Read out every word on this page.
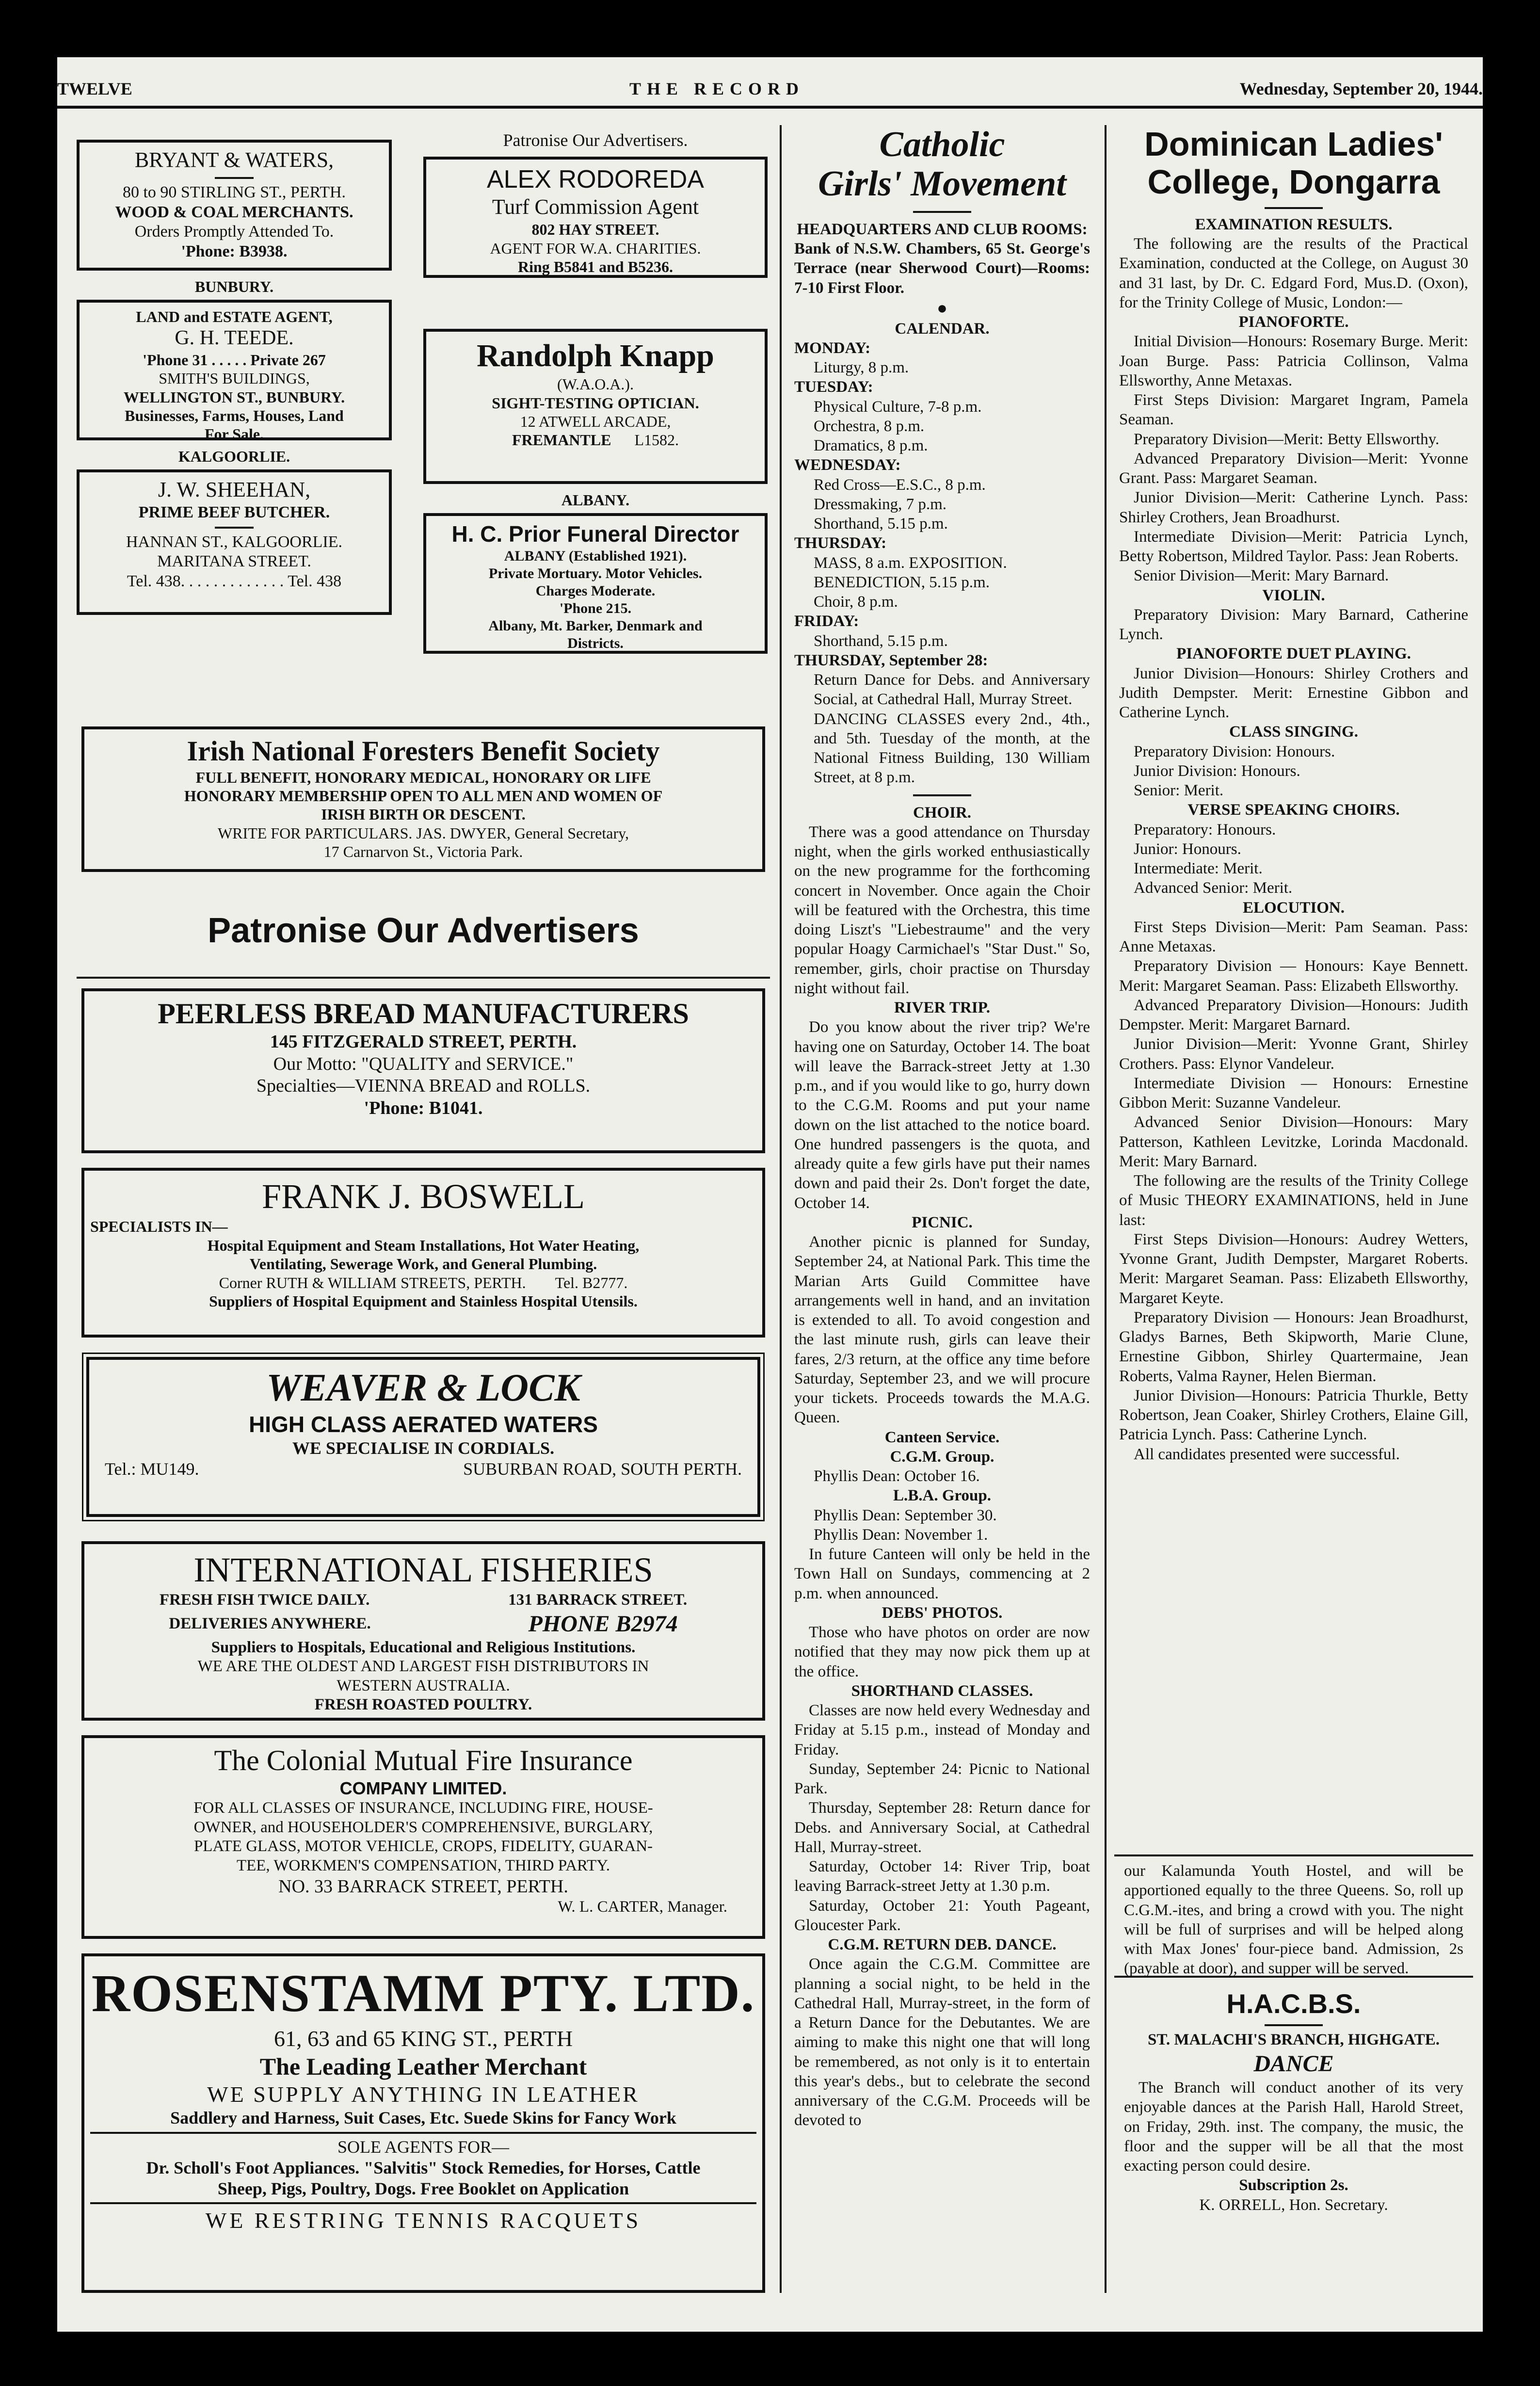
TWELVE	THE RECORD	Wednesday, September 20, 1944.
BRYANT & WATERS,
80 to 90 STIRLING ST., PERTH.
WOOD & COAL MERCHANTS.
Orders Promptly Attended To.
'Phone: B3938.
BUNBURY.
LAND and ESTATE AGENT,
G. H. TEEDE.
'Phone 31 . . . . . Private 267
SMITH'S BUILDINGS,
WELLINGTON ST., BUNBURY.
Businesses, Farms, Houses, Land
For Sale.
KALGOORLIE.
J. W. SHEEHAN,
PRIME BEEF BUTCHER.
HANNAN ST., KALGOORLIE.
MARITANA STREET.
Tel. 438. . . . . . . . . . . . . Tel. 438
Patronise Our Advertisers.
ALEX RODOREDA
Turf Commission Agent
802 HAY STREET.
AGENT FOR W.A. CHARITIES.
Ring B5841 and B5236.
Randolph Knapp
(W.A.O.A.).
SIGHT-TESTING OPTICIAN.
12 ATWELL ARCADE,
FREMANTLE L1582.
ALBANY.
H. C. Prior Funeral Director
ALBANY (Established 1921).
Private Mortuary. Motor Vehicles.
Charges Moderate.
'Phone 215.
Albany, Mt. Barker, Denmark and
Districts.
Irish National Foresters Benefit Society
FULL BENEFIT, HONORARY MEDICAL, HONORARY OR LIFE
HONORARY MEMBERSHIP OPEN TO ALL MEN AND WOMEN OF
IRISH BIRTH OR DESCENT.
WRITE FOR PARTICULARS. JAS. DWYER, General Secretary,
17 Carnarvon St., Victoria Park.
Patronise Our Advertisers
PEERLESS BREAD MANUFACTURERS
145 FITZGERALD STREET, PERTH.
Our Motto: "QUALITY and SERVICE."
Specialties—VIENNA BREAD and ROLLS.
'Phone: B1041.
FRANK J. BOSWELL
SPECIALISTS IN—
Hospital Equipment and Steam Installations, Hot Water Heating,
Ventilating, Sewerage Work, and General Plumbing.
Corner RUTH & WILLIAM STREETS, PERTH. Tel. B2777.
Suppliers of Hospital Equipment and Stainless Hospital Utensils.
WEAVER & LOCK
HIGH CLASS AERATED WATERS
WE SPECIALISE IN CORDIALS.
Tel.: MU149.	SUBURBAN ROAD, SOUTH PERTH.
INTERNATIONAL FISHERIES
FRESH FISH TWICE DAILY.	131 BARRACK STREET.
DELIVERIES ANYWHERE.	PHONE B2974
Suppliers to Hospitals, Educational and Religious Institutions.
WE ARE THE OLDEST AND LARGEST FISH DISTRIBUTORS IN
WESTERN AUSTRALIA.
FRESH ROASTED POULTRY.
The Colonial Mutual Fire Insurance
COMPANY LIMITED.
FOR ALL CLASSES OF INSURANCE, INCLUDING FIRE, HOUSE-
OWNER, and HOUSEHOLDER'S COMPREHENSIVE, BURGLARY,
PLATE GLASS, MOTOR VEHICLE, CROPS, FIDELITY, GUARAN-
TEE, WORKMEN'S COMPENSATION, THIRD PARTY.
NO. 33 BARRACK STREET, PERTH.
W. L. CARTER, Manager.
ROSENSTAMM PTY. LTD.
61, 63 and 65 KING ST., PERTH
The Leading Leather Merchant
WE SUPPLY ANYTHING IN LEATHER
Saddlery and Harness, Suit Cases, Etc. Suede Skins for Fancy Work
SOLE AGENTS FOR—
Dr. Scholl's Foot Appliances. "Salvitis" Stock Remedies, for Horses, Cattle
Sheep, Pigs, Poultry, Dogs. Free Booklet on Application
WE RESTRING TENNIS RACQUETS
Catholic
Girls' Movement

HEADQUARTERS AND CLUB ROOMS:

Bank of N.S.W. Chambers, 65 St. George's Terrace (near Sherwood Court)—Rooms: 7-10 First Floor.

●

CALENDAR.

MONDAY:

Liturgy, 8 p.m.

TUESDAY:

Physical Culture, 7-8 p.m.

Orchestra, 8 p.m.

Dramatics, 8 p.m.

WEDNESDAY:

Red Cross—E.S.C., 8 p.m.

Dressmaking, 7 p.m.

Shorthand, 5.15 p.m.

THURSDAY:

MASS, 8 a.m. EXPOSITION.

BENEDICTION, 5.15 p.m.

Choir, 8 p.m.

FRIDAY:

Shorthand, 5.15 p.m.

THURSDAY, September 28:

Return Dance for Debs. and Anniversary Social, at Cathedral Hall, Murray Street.

DANCING CLASSES every 2nd., 4th., and 5th. Tuesday of the month, at the National Fitness Building, 130 William Street, at 8 p.m.

CHOIR.

There was a good attendance on Thursday night, when the girls worked enthusiastically on the new programme for the forthcoming concert in November. Once again the Choir will be featured with the Orchestra, this time doing Liszt's "Liebestraume" and the very popular Hoagy Carmichael's "Star Dust." So, remember, girls, choir practise on Thursday night without fail.

RIVER TRIP.

Do you know about the river trip? We're having one on Saturday, October 14. The boat will leave the Barrack-street Jetty at 1.30 p.m., and if you would like to go, hurry down to the C.G.M. Rooms and put your name down on the list attached to the notice board. One hundred passengers is the quota, and already quite a few girls have put their names down and paid their 2s. Don't forget the date, October 14.

PICNIC.

Another picnic is planned for Sunday, September 24, at National Park. This time the Marian Arts Guild Committee have arrangements well in hand, and an invitation is extended to all. To avoid congestion and the last minute rush, girls can leave their fares, 2/3 return, at the office any time before Saturday, September 23, and we will procure your tickets. Proceeds towards the M.A.G. Queen.

Canteen Service.

C.G.M. Group.

Phyllis Dean: October 16.

L.B.A. Group.

Phyllis Dean: September 30.

Phyllis Dean: November 1.

In future Canteen will only be held in the Town Hall on Sundays, commencing at 2 p.m. when announced.

DEBS' PHOTOS.

Those who have photos on order are now notified that they may now pick them up at the office.

SHORTHAND CLASSES.

Classes are now held every Wednesday and Friday at 5.15 p.m., instead of Monday and Friday.

Sunday, September 24: Picnic to National Park.

Thursday, September 28: Return dance for Debs. and Anniversary Social, at Cathedral Hall, Murray-street.

Saturday, October 14: River Trip, boat leaving Barrack-street Jetty at 1.30 p.m.

Saturday, October 21: Youth Pageant, Gloucester Park.

C.G.M. RETURN DEB. DANCE.

Once again the C.G.M. Committee are planning a social night, to be held in the Cathedral Hall, Murray-street, in the form of a Return Dance for the Debutantes. We are aiming to make this night one that will long be remembered, as not only is it to entertain this year's debs., but to celebrate the second anniversary of the C.G.M. Proceeds will be devoted to

Dominican Ladies'
College, Dongarra

EXAMINATION RESULTS.

The following are the results of the Practical Examination, conducted at the College, on August 30 and 31 last, by Dr. C. Edgard Ford, Mus.D. (Oxon), for the Trinity College of Music, London:—

PIANOFORTE.

Initial Division—Honours: Rosemary Burge. Merit: Joan Burge. Pass: Patricia Collinson, Valma Ellsworthy, Anne Metaxas.

First Steps Division: Margaret Ingram, Pamela Seaman.

Preparatory Division—Merit: Betty Ellsworthy.

Advanced Preparatory Division—Merit: Yvonne Grant. Pass: Margaret Seaman.

Junior Division—Merit: Catherine Lynch. Pass: Shirley Crothers, Jean Broadhurst.

Intermediate Division—Merit: Patricia Lynch, Betty Robertson, Mildred Taylor. Pass: Jean Roberts.

Senior Division—Merit: Mary Barnard.

VIOLIN.

Preparatory Division: Mary Barnard, Catherine Lynch.

PIANOFORTE DUET PLAYING.

Junior Division—Honours: Shirley Crothers and Judith Dempster. Merit: Ernestine Gibbon and Catherine Lynch.

CLASS SINGING.

Preparatory Division: Honours.

Junior Division: Honours.

Senior: Merit.

VERSE SPEAKING CHOIRS.

Preparatory: Honours.

Junior: Honours.

Intermediate: Merit.

Advanced Senior: Merit.

ELOCUTION.

First Steps Division—Merit: Pam Seaman. Pass: Anne Metaxas.

Preparatory Division — Honours: Kaye Bennett. Merit: Margaret Seaman. Pass: Elizabeth Ellsworthy.

Advanced Preparatory Division—Honours: Judith Dempster. Merit: Margaret Barnard.

Junior Division—Merit: Yvonne Grant, Shirley Crothers. Pass: Elynor Vandeleur.

Intermediate Division — Honours: Ernestine Gibbon Merit: Suzanne Vandeleur.

Advanced Senior Division—Honours: Mary Patterson, Kathleen Levitzke, Lorinda Macdonald. Merit: Mary Barnard.

The following are the results of the Trinity College of Music THEORY EXAMINATIONS, held in June last:

First Steps Division—Honours: Audrey Wetters, Yvonne Grant, Judith Dempster, Margaret Roberts. Merit: Margaret Seaman. Pass: Elizabeth Ellsworthy, Margaret Keyte.

Preparatory Division — Honours: Jean Broadhurst, Gladys Barnes, Beth Skipworth, Marie Clune, Ernestine Gibbon, Shirley Quartermaine, Jean Roberts, Valma Rayner, Helen Bierman.

Junior Division—Honours: Patricia Thurkle, Betty Robertson, Jean Coaker, Shirley Crothers, Elaine Gill, Patricia Lynch. Pass: Catherine Lynch.

All candidates presented were successful.

our Kalamunda Youth Hostel, and will be apportioned equally to the three Queens. So, roll up C.G.M.-ites, and bring a crowd with you. The night will be full of surprises and will be helped along with Max Jones' four-piece band. Admission, 2s (payable at door), and supper will be served.

H.A.C.B.S.

ST. MALACHI'S BRANCH, HIGHGATE.

DANCE

The Branch will conduct another of its very enjoyable dances at the Parish Hall, Harold Street, on Friday, 29th. inst. The company, the music, the floor and the supper will be all that the most exacting person could desire.

Subscription 2s.

K. ORRELL, Hon. Secretary.
